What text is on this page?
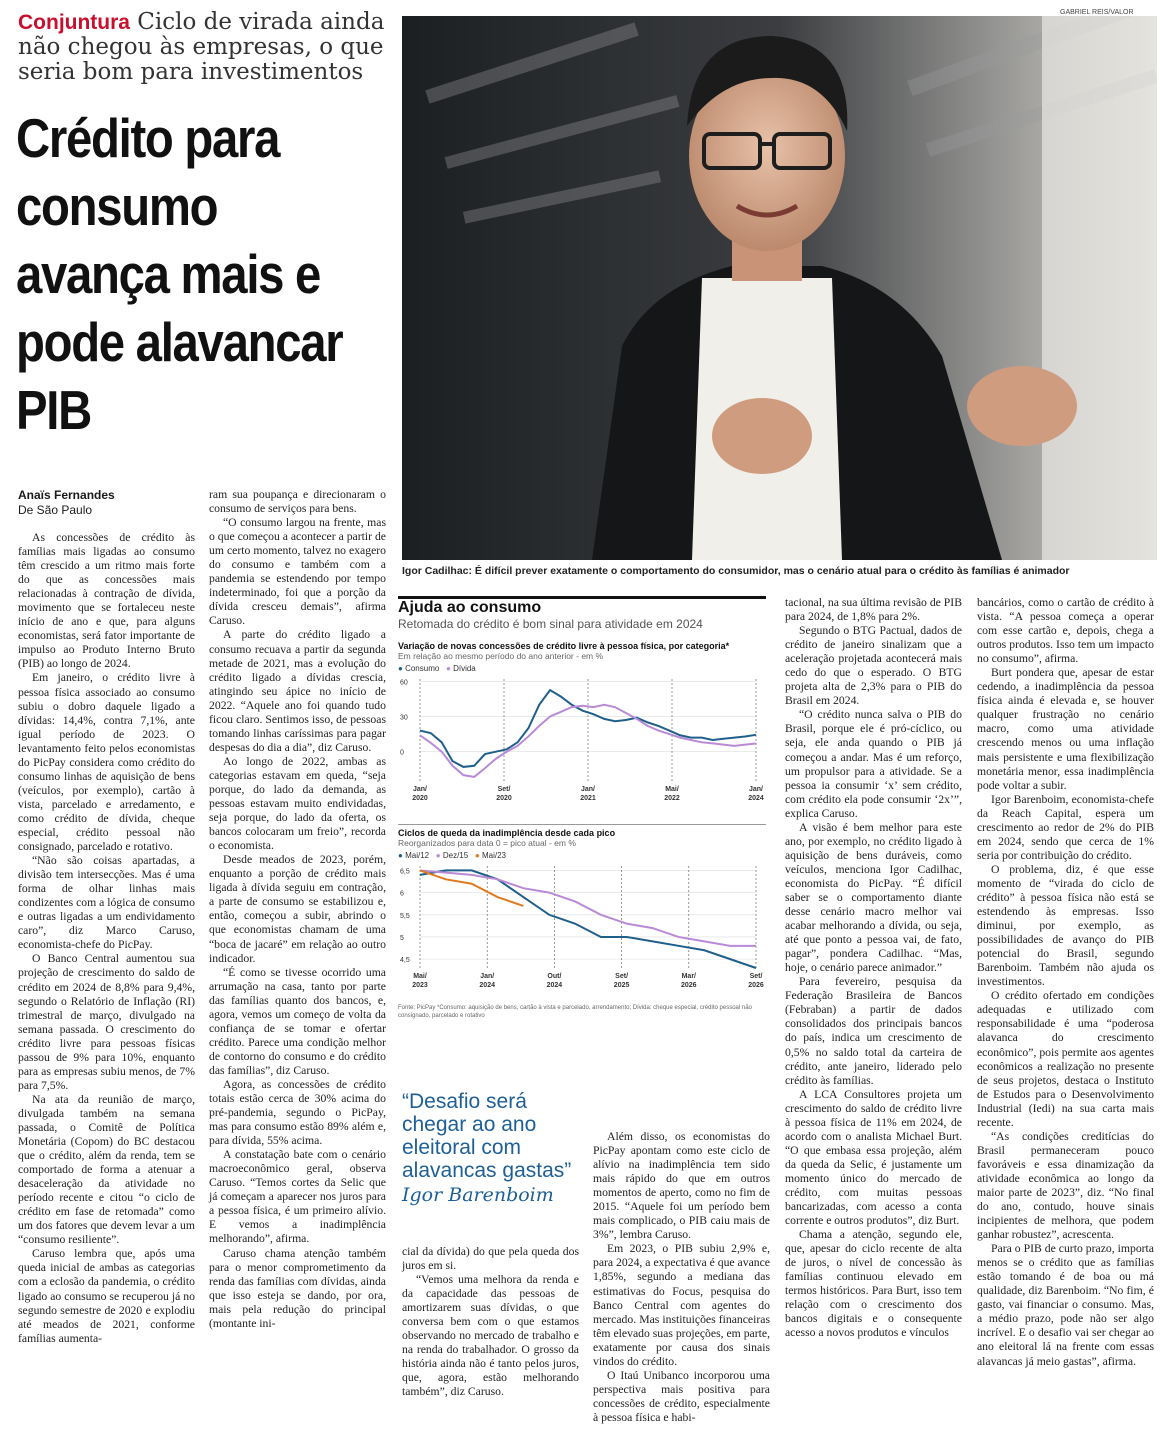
Conjuntura Ciclo de virada ainda não chegou às empresas, o que seria bom para investimentos
Crédito para consumo avança mais e pode alavancar PIB
Anaïs Fernandes
De São Paulo

As concessões de crédito às famílias mais ligadas ao consumo têm crescido a um ritmo mais forte do que as concessões mais relacionadas à contração de dívida, movimento que se fortaleceu neste início de ano e que, para alguns economistas, será fator importante de impulso ao Produto Interno Bruto (PIB) ao longo de 2024.

Em janeiro, o crédito livre à pessoa física associado ao consumo subiu o dobro daquele ligado a dívidas: 14,4%, contra 7,1%, ante igual período de 2023. O levantamento feito pelos economistas do PicPay considera como crédito do consumo linhas de aquisição de bens (veículos, por exemplo), cartão à vista, parcelado e arredamento, e como crédito de dívida, cheque especial, crédito pessoal não consignado, parcelado e rotativo.

“Não são coisas apartadas, a divisão tem intersecções. Mas é uma forma de olhar linhas mais condizentes com a lógica de consumo e outras ligadas a um endividamento caro”, diz Marco Caruso, economista-chefe do PicPay.

O Banco Central aumentou sua projeção de crescimento do saldo de crédito em 2024 de 8,8% para 9,4%, segundo o Relatório de Inflação (RI) trimestral de março, divulgado na semana passada. O crescimento do crédito livre para pessoas físicas passou de 9% para 10%, enquanto para as empresas subiu menos, de 7% para 7,5%.

Na ata da reunião de março, divulgada também na semana passada, o Comitê de Política Monetária (Copom) do BC destacou que o crédito, além da renda, tem se comportado de forma a atenuar a desaceleração da atividade no período recente e citou “o ciclo de crédito em fase de retomada” como um dos fatores que devem levar a um “consumo resiliente”.

Caruso lembra que, após uma queda inicial de ambas as categorias com a eclosão da pandemia, o crédito ligado ao consumo se recuperou já no segundo semestre de 2020 e explodiu até meados de 2021, conforme famílias aumenta-

ram sua poupança e direcionaram o consumo de serviços para bens.

“O consumo largou na frente, mas o que começou a acontecer a partir de um certo momento, talvez no exagero do consumo e também com a pandemia se estendendo por tempo indeterminado, foi que a porção da dívida cresceu demais”, afirma Caruso.

A parte do crédito ligado a consumo recuava a partir da segunda metade de 2021, mas a evolução do crédito ligado a dívidas crescia, atingindo seu ápice no início de 2022. “Aquele ano foi quando tudo ficou claro. Sentimos isso, de pessoas tomando linhas caríssimas para pagar despesas do dia a dia”, diz Caruso.

Ao longo de 2022, ambas as categorias estavam em queda, “seja porque, do lado da demanda, as pessoas estavam muito endividadas, seja porque, do lado da oferta, os bancos colocaram um freio”, recorda o economista.

Desde meados de 2023, porém, enquanto a porção de crédito mais ligada à dívida seguiu em contração, a parte de consumo se estabilizou e, então, começou a subir, abrindo o que economistas chamam de uma “boca de jacaré” em relação ao outro indicador.

“É como se tivesse ocorrido uma arrumação na casa, tanto por parte das famílias quanto dos bancos, e, agora, vemos um começo de volta da confiança de se tomar e ofertar crédito. Parece uma condição melhor de contorno do consumo e do crédito das famílias”, diz Caruso.

Agora, as concessões de crédito totais estão cerca de 30% acima do pré-pandemia, segundo o PicPay, mas para consumo estão 89% além e, para dívida, 55% acima.

A constatação bate com o cenário macroeconômico geral, observa Caruso. “Temos cortes da Selic que já começam a aparecer nos juros para a pessoa física, é um primeiro alívio. E vemos a inadimplência melhorando”, afirma.

Caruso chama atenção também para o menor comprometimento da renda das famílias com dívidas, ainda que isso esteja se dando, por ora, mais pela redução do principal (montante ini-

cial da dívida) do que pela queda dos juros em si.

“Vemos uma melhora da renda e da capacidade das pessoas de amortizarem suas dívidas, o que conversa bem com o que estamos observando no mercado de trabalho e na renda do trabalhador. O grosso da história ainda não é tanto pelos juros, que, agora, estão melhorando também”, diz Caruso.

Além disso, os economistas do PicPay apontam como este ciclo de alívio na inadimplência tem sido mais rápido do que em outros momentos de aperto, como no fim de 2015. “Aquele foi um período bem mais complicado, o PIB caiu mais de 3%”, lembra Caruso.

Em 2023, o PIB subiu 2,9% e, para 2024, a expectativa é que avance 1,85%, segundo a mediana das estimativas do Focus, pesquisa do Banco Central com agentes do mercado. Mas instituições financeiras têm elevado suas projeções, em parte, exatamente por causa dos sinais vindos do crédito.

O Itaú Unibanco incorporou uma perspectiva mais positiva para concessões de crédito, especialmente à pessoa física e habi-

tacional, na sua última revisão de PIB para 2024, de 1,8% para 2%.

Segundo o BTG Pactual, dados de crédito de janeiro sinalizam que a aceleração projetada acontecerá mais cedo do que o esperado. O BTG projeta alta de 2,3% para o PIB do Brasil em 2024.

“O crédito nunca salva o PIB do Brasil, porque ele é pró-cíclico, ou seja, ele anda quando o PIB já começou a andar. Mas é um reforço, um propulsor para a atividade. Se a pessoa ia consumir ‘x’ sem crédito, com crédito ela pode consumir ‘2x’”, explica Caruso.

A visão é bem melhor para este ano, por exemplo, no crédito ligado à aquisição de bens duráveis, como veículos, menciona Igor Cadilhac, economista do PicPay. “É difícil saber se o comportamento diante desse cenário macro melhor vai acabar melhorando a dívida, ou seja, até que ponto a pessoa vai, de fato, pagar”, pondera Cadilhac. “Mas, hoje, o cenário parece animador.”

Para fevereiro, pesquisa da Federação Brasileira de Bancos (Febraban) a partir de dados consolidados dos principais bancos do país, indica um crescimento de 0,5% no saldo total da carteira de crédito, ante janeiro, liderado pelo crédito às famílias.

A LCA Consultores projeta um crescimento do saldo de crédito livre à pessoa física de 11% em 2024, de acordo com o analista Michael Burt. “O que embasa essa projeção, além da queda da Selic, é justamente um momento único do mercado de crédito, com muitas pessoas bancarizadas, com acesso a conta corrente e outros produtos”, diz Burt.

Chama a atenção, segundo ele, que, apesar do ciclo recente de alta de juros, o nível de concessão às famílias continuou elevado em termos históricos. Para Burt, isso tem relação com o crescimento dos bancos digitais e o consequente acesso a novos produtos e vínculos

bancários, como o cartão de crédito à vista. “A pessoa começa a operar com esse cartão e, depois, chega a outros produtos. Isso tem um impacto no consumo”, afirma.

Burt pondera que, apesar de estar cedendo, a inadimplência da pessoa física ainda é elevada e, se houver qualquer frustração no cenário macro, como uma atividade crescendo menos ou uma inflação mais persistente e uma flexibilização monetária menor, essa inadimplência pode voltar a subir.

Igor Barenboim, economista-chefe da Reach Capital, espera um crescimento ao redor de 2% do PIB em 2024, sendo que cerca de 1% seria por contribuição do crédito.

O problema, diz, é que esse momento de “virada do ciclo de crédito” à pessoa física não está se estendendo às empresas. Isso diminui, por exemplo, as possibilidades de avanço do PIB potencial do Brasil, segundo Barenboim. Também não ajuda os investimentos.

O crédito ofertado em condições adequadas e utilizado com responsabilidade é uma “poderosa alavanca do crescimento econômico”, pois permite aos agentes econômicos a realização no presente de seus projetos, destaca o Instituto de Estudos para o Desenvolvimento Industrial (Iedi) na sua carta mais recente.

“As condições creditícias do Brasil permaneceram pouco favoráveis e essa dinamização da atividade econômica ao longo da maior parte de 2023”, diz. “No final do ano, contudo, houve sinais incipientes de melhora, que podem ganhar robustez”, acrescenta.

Para o PIB de curto prazo, importa menos se o crédito que as famílias estão tomando é de boa ou má qualidade, diz Barenboim. “No fim, é gasto, vai financiar o consumo. Mas, a médio prazo, pode não ser algo incrível. E o desafio vai ser chegar ao ano eleitoral lá na frente com essas alavancas já meio gastas”, afirma.

GABRIEL REIS/VALOR
Igor Cadilhac: É difícil prever exatamente o comportamento do consumidor, mas o cenário atual para o crédito às famílias é animador
Ajuda ao consumo
Retomada do crédito é bom sinal para atividade em 2024
Variação de novas concessões de crédito livre à pessoa física, por categoria*
Em relação ao mesmo período do ano anterior - em %
● Consumo ● Dívida
60
30
0
Jan/
2020
Set/
2020
Jan/
2021
Mai/
2022
Jan/
2024
Ciclos de queda da inadimplência desde cada pico
Reorganizados para data 0 = pico atual - em %
● Mai/12 ● Dez/15 ● Mai/23
6,5
6
5,5
5
4,5
Mai/
2023
Jan/
2024
Out/
2024
Set/
2025
Mar/
2026
Set/
2026
Fonte: PicPay *Consumo: aquisição de bens, cartão à vista e parcelado, arrendamento; Dívida: cheque especial, crédito pessoal não consignado, parcelado e rotativo
“Desafio será chegar ao ano eleitoral com alavancas gastas”
Igor Barenboim
